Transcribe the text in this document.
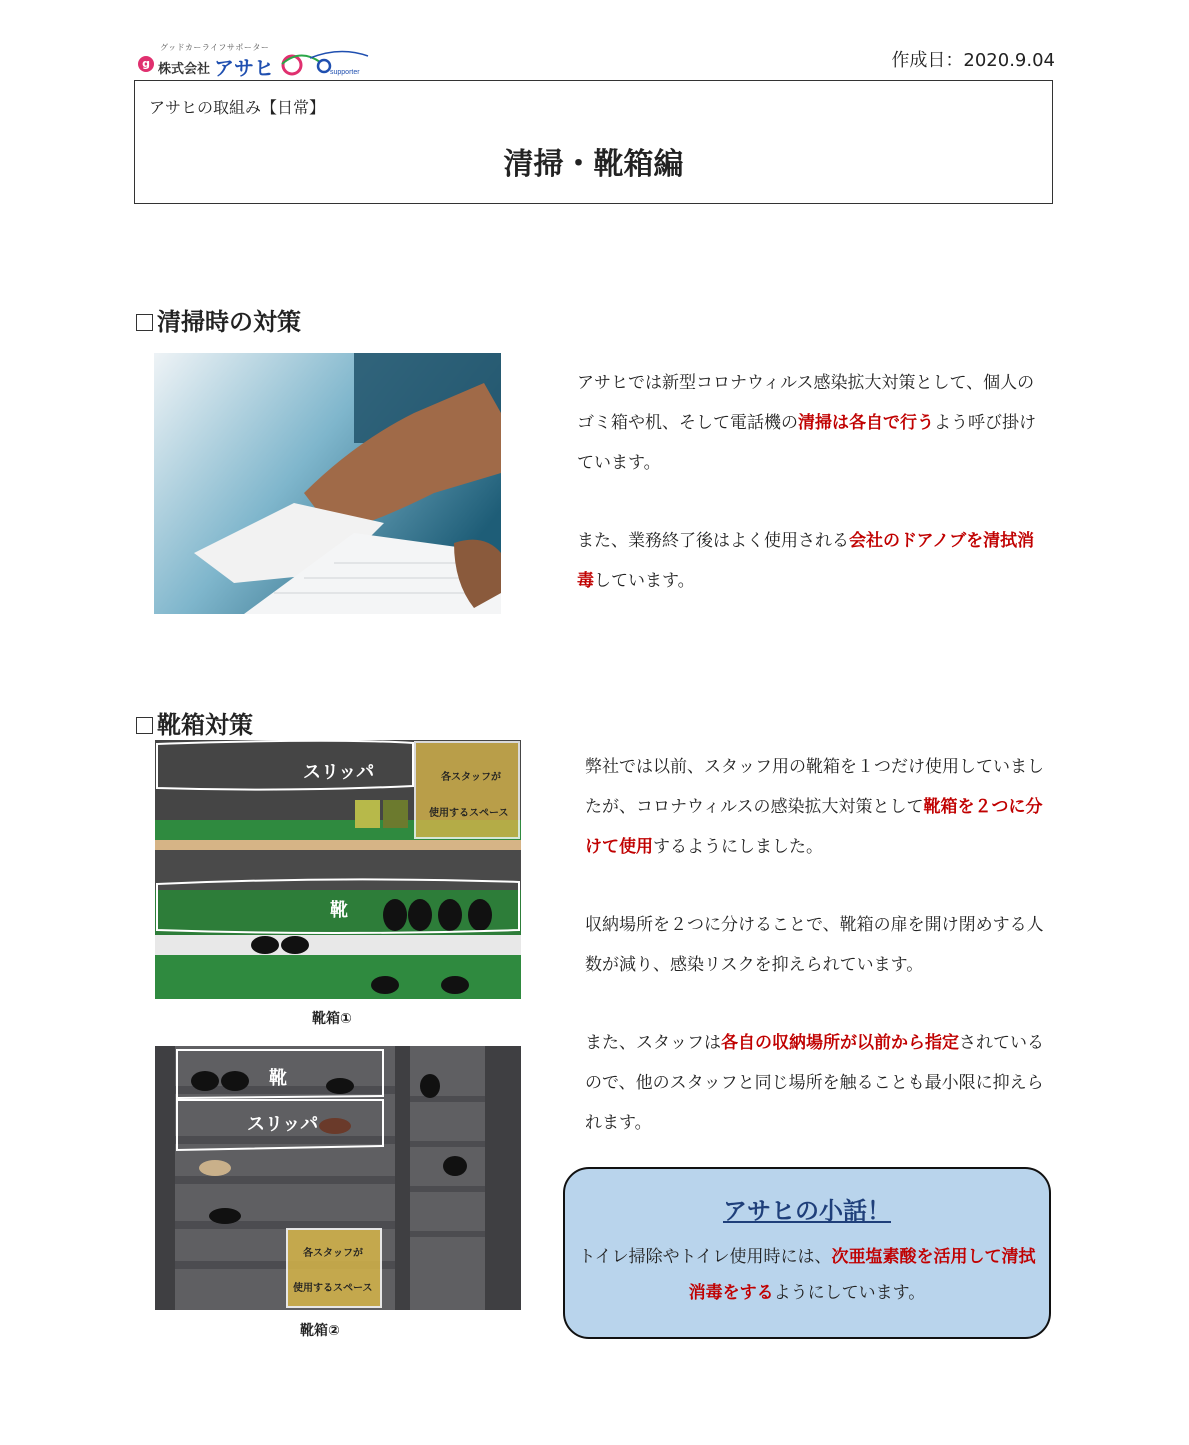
グッドカーライフサポーター
g 株式会社 アサヒ	supporter
作成日：2020.9.04
アサヒの取組み【日常】
清掃・靴箱編
清掃時の対策
アサヒでは新型コロナウィルス感染拡大対策として、個人のゴミ箱や机、そして電話機の清掃は各自で行うよう呼び掛けています。
また、業務終了後はよく使用される会社のドアノブを清拭消毒しています。
靴箱対策
スリッパ	各スタッフが
使用するスペース
靴
靴箱①
靴
スリッパ
各スタッフが
使用するスペース
靴箱②
弊社では以前、スタッフ用の靴箱を１つだけ使用していましたが、コロナウィルスの感染拡大対策として靴箱を２つに分けて使用するようにしました。
収納場所を２つに分けることで、靴箱の扉を開け閉めする人数が減り、感染リスクを抑えられています。
また、スタッフは各自の収納場所が以前から指定されているので、他のスタッフと同じ場所を触ることも最小限に抑えられます。
アサヒの小話！
トイレ掃除やトイレ使用時には、次亜塩素酸を活用して清拭消毒をするようにしています。
